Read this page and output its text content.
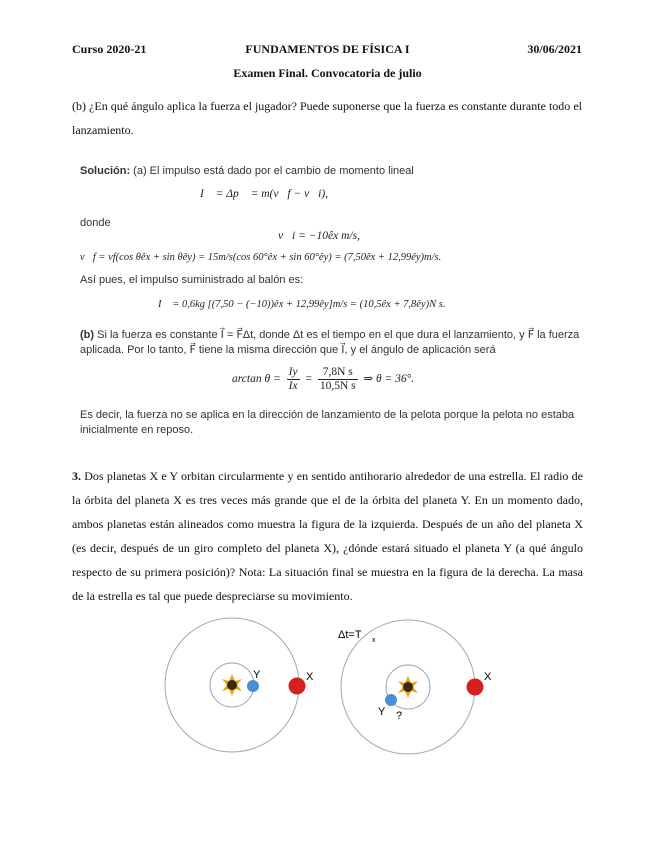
Curso 2020-21	FUNDAMENTOS DE FÍSICA I	30/06/2021
Examen Final. Convocatoria de julio
(b) ¿En qué ángulo aplica la fuerza el jugador? Puede suponerse que la fuerza es constante durante todo el lanzamiento.
Solución: (a) El impulso está dado por el cambio de momento lineal
I⃗ = Δp⃗ = m(v⃗f − v⃗i),
donde
v⃗i = −10êx m/s,
v⃗f = vf(cos θêx + sin θêy) = 15m/s(cos 60°êx + sin 60°êy) = (7,50êx + 12,99êy)m/s.
Así pues, el impulso suministrado al balón es:
I⃗ = 0,6kg [(7,50 − (−10))êx + 12,99êy]m/s = (10,5êx + 7,8êy)N s.
(b) Si la fuerza es constante I⃗ = F⃗Δt, donde Δt es el tiempo en el que dura el lanzamiento, y F⃗ la fuerza aplicada. Por lo tanto, F⃗ tiene la misma dirección que I⃗, y el ángulo de aplicación será
$\arctan \theta = \frac{Iy}{Ix} = \frac{\text{7,8N s}}{\text{10,5N s}}$ ⇒ θ = 36°.
Es decir, la fuerza no se aplica en la dirección de lanzamiento de la pelota porque la pelota no estaba inicialmente en reposo.
3. Dos planetas X e Y orbitan circularmente y en sentido antihorario alrededor de una estrella. El radio de la órbita del planeta X es tres veces más grande que el de la órbita del planeta Y. En un momento dado, ambos planetas están alineados como muestra la figura de la izquierda. Después de un año del planeta X (es decir, después de un giro completo del planeta X), ¿dónde estará situado el planeta Y (a qué ángulo respecto de su primera posición)? Nota: La situación final se muestra en la figura de la derecha. La masa de la estrella es tal que puede despreciarse su movimiento.
Y	X
Δt=T x
Y ?
X
